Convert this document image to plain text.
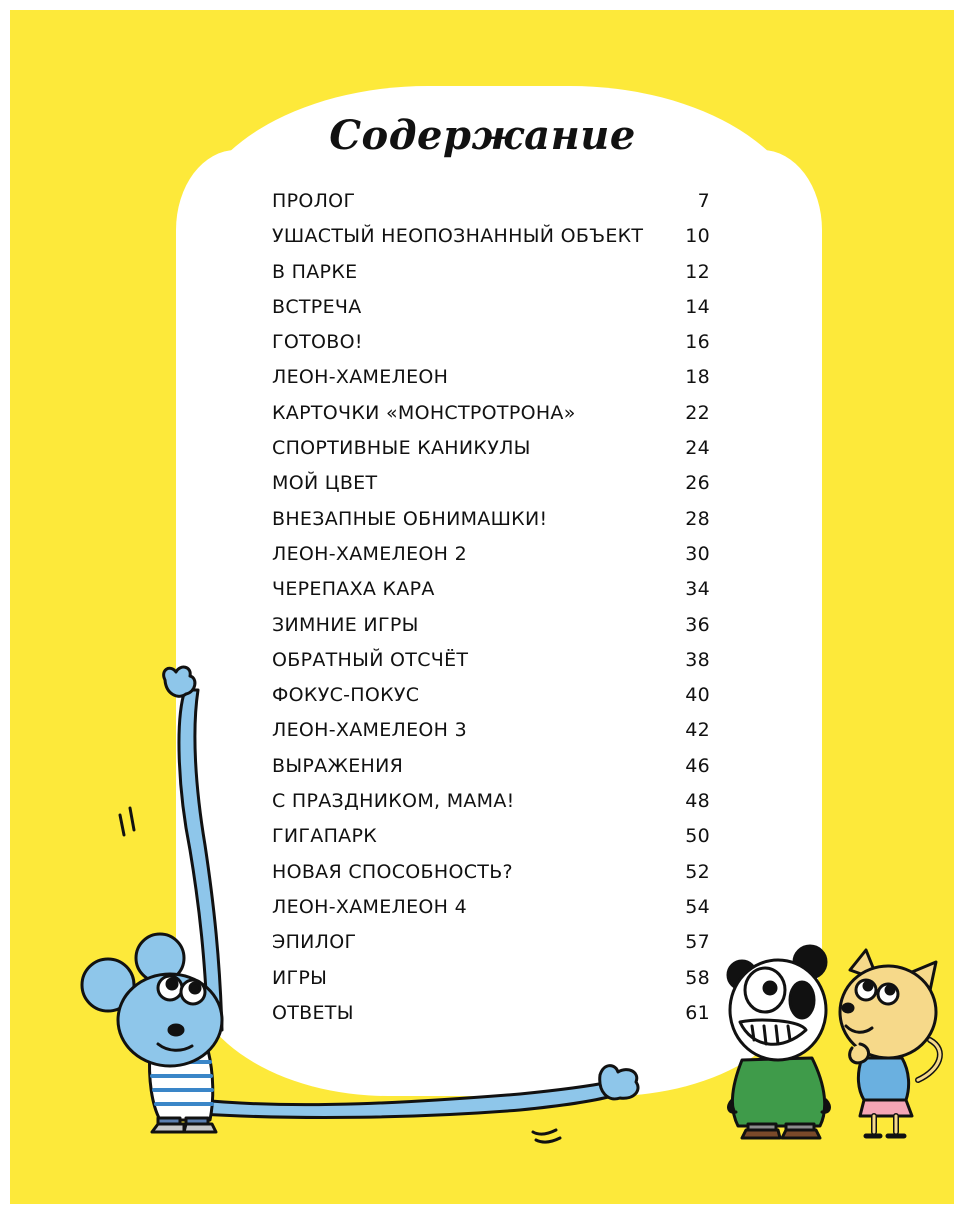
Содержание
ПРОЛОГ	7
УШАСТЫЙ НЕОПОЗНАННЫЙ ОБЪЕКТ	10
В ПАРКЕ	12
ВСТРЕЧА	14
ГОТОВО!	16
ЛЕОН-ХАМЕЛЕОН	18
КАРТОЧКИ «МОНСТРОТРОНА»	22
СПОРТИВНЫЕ КАНИКУЛЫ	24
МОЙ ЦВЕТ	26
ВНЕЗАПНЫЕ ОБНИМАШКИ!	28
ЛЕОН-ХАМЕЛЕОН 2	30
ЧЕРЕПАХА КАРА	34
ЗИМНИЕ ИГРЫ	36
ОБРАТНЫЙ ОТСЧЁТ	38
ФОКУС-ПОКУС	40
ЛЕОН-ХАМЕЛЕОН 3	42
ВЫРАЖЕНИЯ	46
С ПРАЗДНИКОМ, МАМА!	48
ГИГАПАРК	50
НОВАЯ СПОСОБНОСТЬ?	52
ЛЕОН-ХАМЕЛЕОН 4	54
ЭПИЛОГ	57
ИГРЫ	58
ОТВЕТЫ	61
